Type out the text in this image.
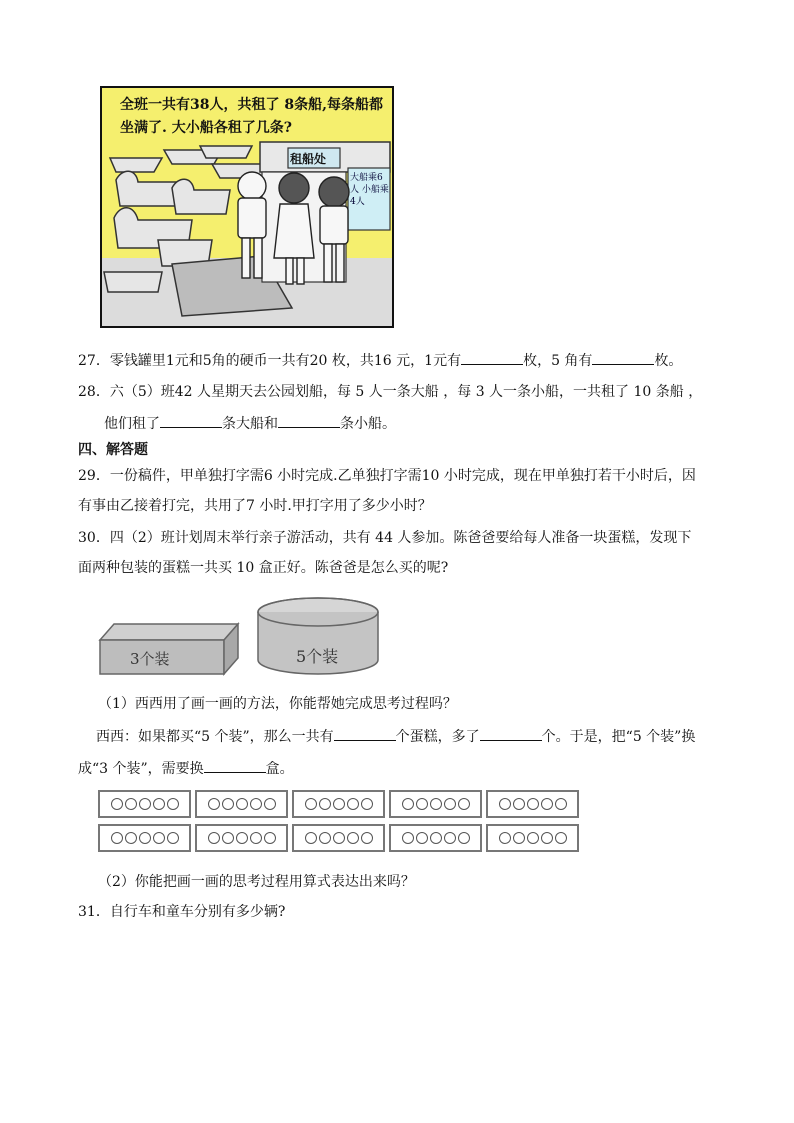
全班一共有38人，共租了 8条船,每条船都坐满了. 大小船各租了几条?
租船处
大船乘6人 小船乘4人
27．零钱罐里1元和5角的硬币一共有20 枚，共16 元，1元有	枚，5 角有	枚。
28．六（5）班42 人星期天去公园划船，每 5 人一条大船 ，每 3 人一条小船，一共租了 10 条船 ，
他们租了	条大船和	条小船。
四、解答题
29．一份稿件，甲单独打字需6 小时完成.乙单独打字需10 小时完成，现在甲单独打若干小时后，因
有事由乙接着打完，共用了7 小时.甲打字用了多少小时？
30．四（2）班计划周末举行亲子游活动，共有 44 人参加。陈爸爸要给每人准备一块蛋糕，发现下
面两种包装的蛋糕一共买 10 盒正好。陈爸爸是怎么买的呢?
3个装	5个装
（1）西西用了画一画的方法，你能帮她完成思考过程吗？
西西：如果都买“5 个装”，那么一共有	个蛋糕，多了	个。于是，把“5 个装”换
成“3 个装”，需要换	盒。
（2）你能把画一画的思考过程用算式表达出来吗？
31．自行车和童车分别有多少辆?
